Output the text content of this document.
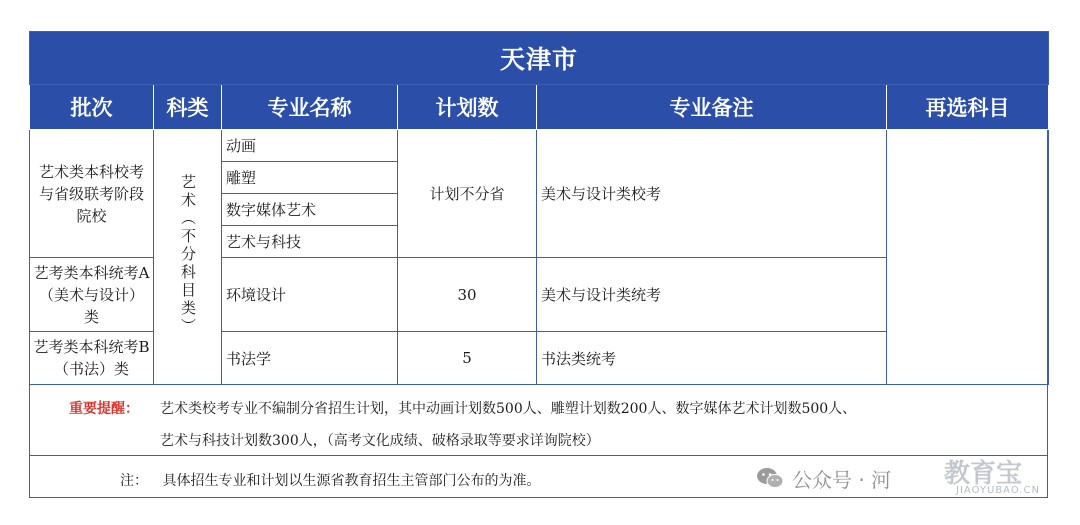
天津市					
批次	科类	专业名称	计划数	专业备注	再选科目
艺术类本科校考与省级联考阶段院校	艺术（不分科目类）	动画	计划不分省	美术与设计类校考	
		雕塑			
		数字媒体艺术			
		艺术与科技			
艺考类本科统考A（美术与设计）类		环境设计	30	美术与设计类统考	
艺考类本科统考B（书法）类		书法学	5	书法类统考	
重要提醒： 艺术类校考专业不编制分省招生计划，其中动画计划数500人、雕塑计划数200人、数字媒体艺术计划数500人、
艺术与科技计划数300人，（高考文化成绩、破格录取等要求详询院校）
注： 具体招生专业和计划以生源省教育招生主管部门公布的为准。	公众号 · 河 教育宝
JIAOYUBAO.CN
